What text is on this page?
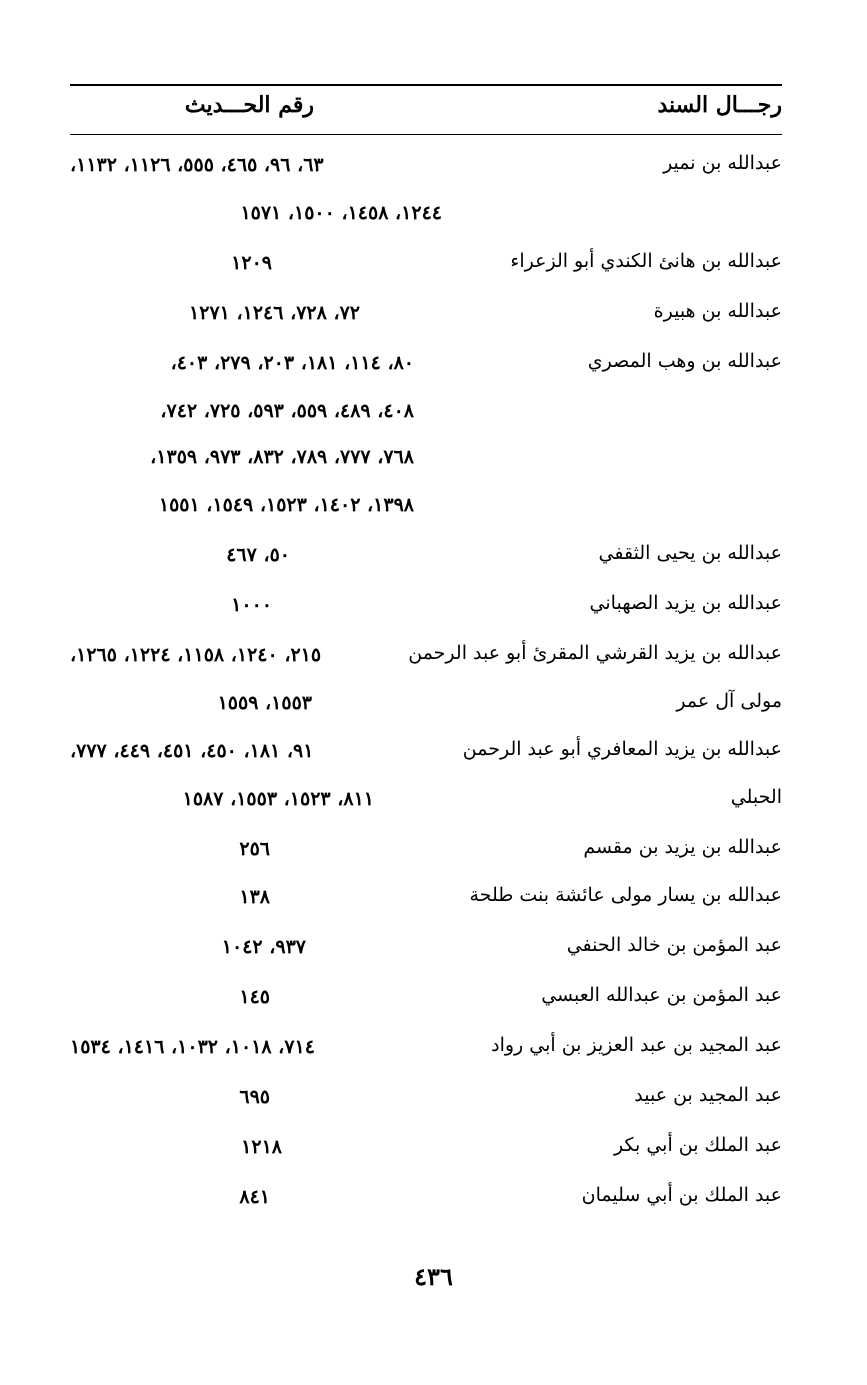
رجـــال السند
رقم الحـــديث
عبدالله بن نمير
٦٣، ٩٦، ٤٦٥، ٥٥٥، ١١٢٦، ١١٣٢،
١٢٤٤، ١٤٥٨، ١٥٠٠، ١٥٧١
عبدالله بن هانئ الكندي أبو الزعراء
١٢٠٩
عبدالله بن هبيرة
٧٢، ٧٢٨، ١٢٤٦، ١٢٧١
عبدالله بن وهب المصري
٨٠، ١١٤، ١٨١، ٢٠٣، ٢٧٩، ٤٠٣،
٤٠٨، ٤٨٩، ٥٥٩، ٥٩٣، ٧٢٥، ٧٤٢،
٧٦٨، ٧٧٧، ٧٨٩، ٨٣٢، ٩٧٣، ١٣٥٩،
١٣٩٨، ١٤٠٢، ١٥٢٣، ١٥٤٩، ١٥٥١
عبدالله بن يحيى الثقفي
٥٠، ٤٦٧
عبدالله بن يزيد الصهباني
١٠٠٠
عبدالله بن يزيد القرشي المقرئ أبو عبد الرحمن
٢١٥، ١٢٤٠، ١١٥٨، ١٢٢٤، ١٢٦٥،
مولى آل عمر
١٥٥٣، ١٥٥٩
عبدالله بن يزيد المعافري أبو عبد الرحمن
٩١، ١٨١، ٤٥٠، ٤٥١، ٤٤٩، ٧٧٧،
الحبلي
٨١١، ١٥٢٣، ١٥٥٣، ١٥٨٧
عبدالله بن يزيد بن مقسم
٢٥٦
عبدالله بن يسار مولى عائشة بنت طلحة
١٣٨
عبد المؤمن بن خالد الحنفي
٩٣٧، ١٠٤٢
عبد المؤمن بن عبدالله العبسي
١٤٥
عبد المجيد بن عبد العزيز بن أبي رواد
٧١٤، ١٠١٨، ١٠٣٢، ١٤١٦، ١٥٣٤
عبد المجيد بن عبيد
٦٩٥
عبد الملك بن أبي بكر
١٢١٨
عبد الملك بن أبي سليمان
٨٤١
٤٣٦
